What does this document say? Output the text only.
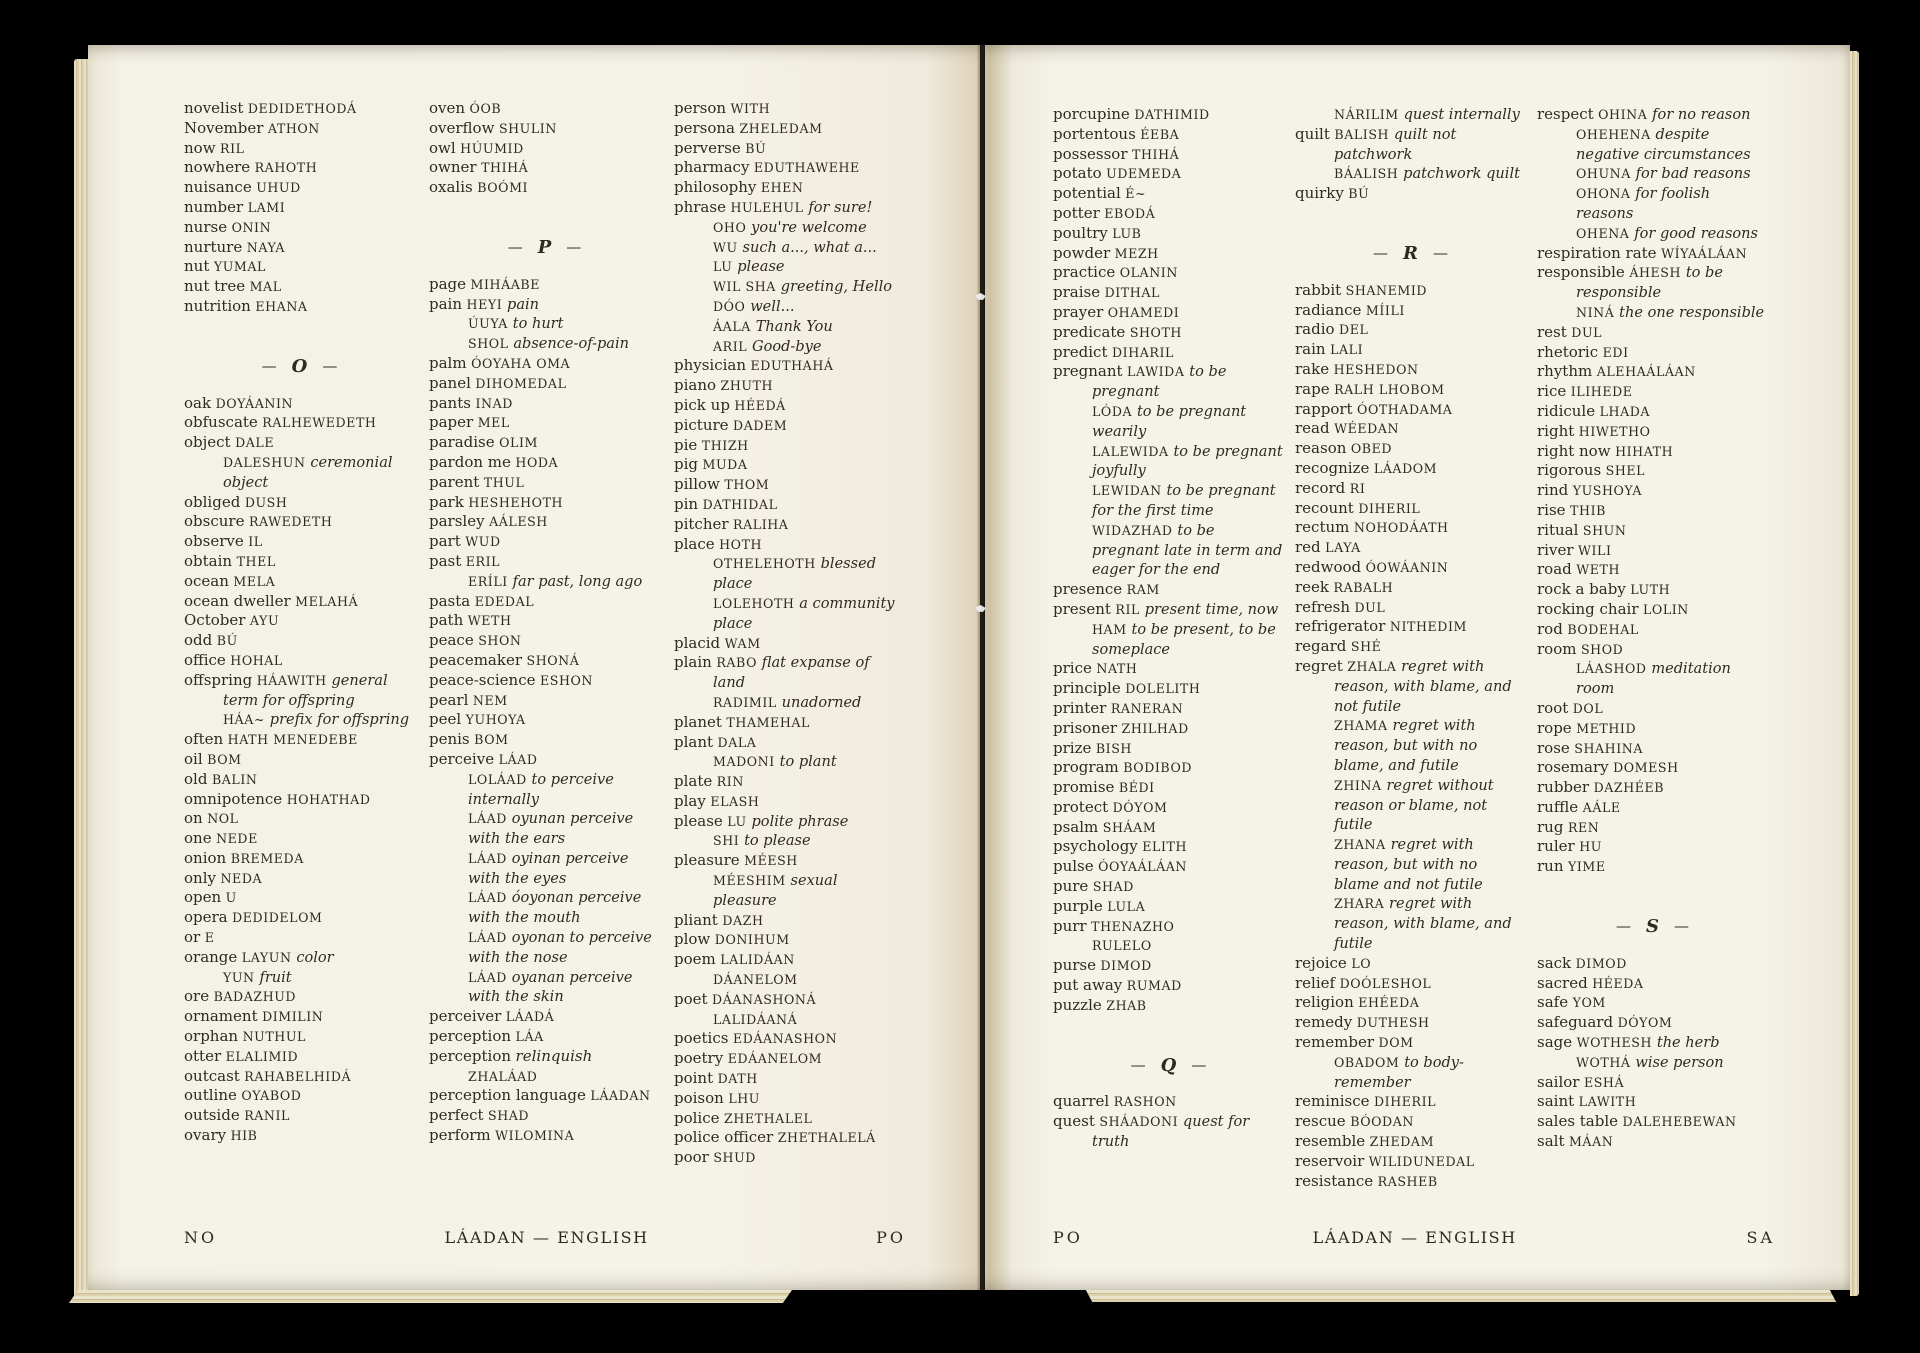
novelist DEDIDETHODÁ
November ATHON
now RIL
nowhere RAHOTH
nuisance UHUD
number LAMI
nurse ONIN
nurture NAYA
nut YUMAL
nut tree MAL
nutrition EHANA
— O —
oak DOYÁANIN
obfuscate RALHEWEDETH
object DALE
DALESHUN ceremonial object
obliged DUSH
obscure RAWEDETH
observe IL
obtain THEL
ocean MELA
ocean dweller MELAHÁ
October AYU
odd BÚ
office HOHAL
offspring HÁAWITH general term for offspring
HÁA~ prefix for offspring
often HATH MENEDEBE
oil BOM
old BALIN
omnipotence HOHATHAD
on NOL
one NEDE
onion BREMEDA
only NEDA
open U
opera DEDIDELOM
or E
orange LAYUN color
YUN fruit
ore BADAZHUD
ornament DIMILIN
orphan NUTHUL
otter ELALIMID
outcast RAHABELHIDÁ
outline OYABOD
outside RANIL
ovary HIB
oven ÓOB
overflow SHULIN
owl HÚUMID
owner THIHÁ
oxalis BOÓMI
— P —
page MIHÁABE
pain HEYI pain
ÚUYA to hurt
SHOL absence-of-pain
palm ÓOYAHA OMA
panel DIHOMEDAL
pants INAD
paper MEL
paradise OLIM
pardon me HODA
parent THUL
park HESHEHOTH
parsley AÁLESH
part WUD
past ERIL
ERÍLI far past, long ago
pasta EDEDAL
path WETH
peace SHON
peacemaker SHONÁ
peace-science ESHON
pearl NEM
peel YUHOYA
penis BOM
perceive LÁAD
LOLÁAD to perceive internally
LÁAD oyunan perceive with the ears
LÁAD oyinan perceive with the eyes
LÁAD óoyonan perceive with the mouth
LÁAD oyonan to perceive with the nose
LÁAD oyanan perceive with the skin
perceiver LÁADÁ
perception LÁA
perception relinquish
ZHALÁAD
perception language LÁADAN
perfect SHAD
perform WILOMINA
person WITH
persona ZHELEDAM
perverse BÚ
pharmacy EDUTHAWEHE
philosophy EHEN
phrase HULEHUL for sure!
OHO you're welcome
WU such a..., what a...
LU please
WIL SHA greeting, Hello
DÓO well...
ÁALA Thank You
ARIL Good-bye
physician EDUTHAHÁ
piano ZHUTH
pick up HÉEDÁ
picture DADEM
pie THIZH
pig MUDA
pillow THOM
pin DATHIDAL
pitcher RALIHA
place HOTH
OTHELEHOTH blessed place
LOLEHOTH a community place
placid WAM
plain RABO flat expanse of land
RADIMIL unadorned
planet THAMEHAL
plant DALA
MADONI to plant
plate RIN
play ELASH
please LU polite phrase
SHI to please
pleasure MÉESH
MÉESHIM sexual pleasure
pliant DAZH
plow DONIHUM
poem LALIDÁAN
DÁANELOM
poet DÁANASHONÁ
LALIDÁANÁ
poetics EDÁANASHON
poetry EDÁANELOM
point DATH
poison LHU
police ZHETHALEL
police officer ZHETHALELÁ
poor SHUD
NO	LÁADAN — ENGLISH	PO
porcupine DATHIMID
portentous ÉEBA
possessor THIHÁ
potato UDEMEDA
potential É~
potter EBODÁ
poultry LUB
powder MEZH
practice OLANIN
praise DITHAL
prayer OHAMEDI
predicate SHOTH
predict DIHARIL
pregnant LAWIDA to be pregnant
LÓDA to be pregnant wearily
LALEWIDA to be pregnant joyfully
LEWIDAN to be pregnant for the first time
WIDAZHAD to be pregnant late in term and eager for the end
presence RAM
present RIL present time, now
HAM to be present, to be someplace
price NATH
principle DOLELITH
printer RANERAN
prisoner ZHILHAD
prize BISH
program BODIBOD
promise BÉDI
protect DÓYOM
psalm SHÁAM
psychology ELITH
pulse ÓOYAÁLÁAN
pure SHAD
purple LULA
purr THENAZHO
RULELO
purse DIMOD
put away RUMAD
puzzle ZHAB
— Q —
quarrel RASHON
quest SHÁADONI quest for truth
NÁRILIM quest internally
quilt BALISH quilt not patchwork
BÁALISH patchwork quilt
quirky BÚ
— R —
rabbit SHANEMID
radiance MÍILI
radio DEL
rain LALI
rake HESHEDON
rape RALH LHOBOM
rapport ÓOTHADAMA
read WÉEDAN
reason OBED
recognize LÁADOM
record RI
recount DIHERIL
rectum NOHODÁATH
red LAYA
redwood ÓOWÁANIN
reek RABALH
refresh DUL
refrigerator NITHEDIM
regard SHÉ
regret ZHALA regret with reason, with blame, and not futile
ZHAMA regret with reason, but with no blame, and futile
ZHINA regret without reason or blame, not futile
ZHANA regret with reason, but with no blame and not futile
ZHARA regret with reason, with blame, and futile
rejoice LO
relief DOÓLESHOL
religion EHÉEDA
remedy DUTHESH
remember DOM
OBADOM to body-remember
reminisce DIHERIL
rescue BÓODAN
resemble ZHEDAM
reservoir WILIDUNEDAL
resistance RASHEB
respect OHINA for no reason
OHEHENA despite negative circumstances
OHUNA for bad reasons
OHONA for foolish reasons
OHENA for good reasons
respiration rate WÍYAÁLÁAN
responsible ÁHESH to be responsible
NINÁ the one responsible
rest DUL
rhetoric EDI
rhythm ALEHAÁLÁAN
rice ILIHEDE
ridicule LHADA
right HIWETHO
right now HIHATH
rigorous SHEL
rind YUSHOYA
rise THIB
ritual SHUN
river WILI
road WETH
rock a baby LUTH
rocking chair LOLIN
rod BODEHAL
room SHOD
LÁASHOD meditation room
root DOL
rope METHID
rose SHAHINA
rosemary DOMESH
rubber DAZHÉEB
ruffle AÁLE
rug REN
ruler HU
run YIME
— S —
sack DIMOD
sacred HÉEDA
safe YOM
safeguard DÓYOM
sage WOTHESH the herb
WOTHÁ wise person
sailor ESHÁ
saint LAWITH
sales table DALEHEBEWAN
salt MÁAN
PO	LÁADAN — ENGLISH	SA
